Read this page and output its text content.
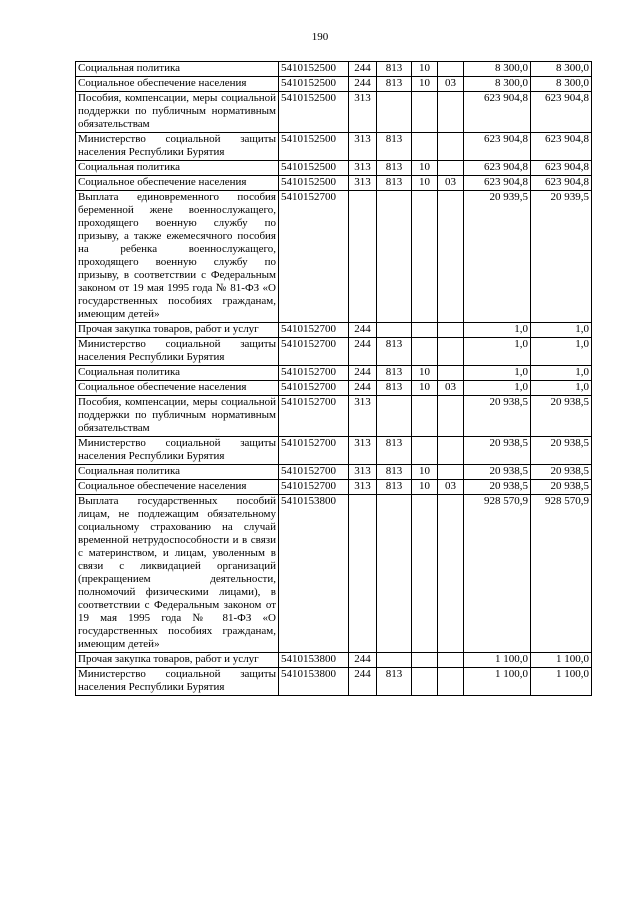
190
Социальная политика	5410152500	244	813	10		8 300,0	8 300,0
Социальное обеспечение населения	5410152500	244	813	10	03	8 300,0	8 300,0
Пособия, компенсации, меры социальной поддержки по публичным нормативным обязательствам	5410152500	313				623 904,8	623 904,8
Министерство социальной защиты населения Республики Бурятия	5410152500	313	813			623 904,8	623 904,8
Социальная политика	5410152500	313	813	10		623 904,8	623 904,8
Социальное обеспечение населения	5410152500	313	813	10	03	623 904,8	623 904,8
Выплата единовременного пособия беременной жене военнослужащего, проходящего военную службу по призыву, а также ежемесячного пособия на ребенка военнослужащего, проходящего военную службу по призыву, в соответствии с Федеральным законом от 19 мая 1995 года № 81-ФЗ «О государственных пособиях гражданам, имеющим детей»	5410152700					20 939,5	20 939,5
Прочая закупка товаров, работ и услуг	5410152700	244				1,0	1,0
Министерство социальной защиты населения Республики Бурятия	5410152700	244	813			1,0	1,0
Социальная политика	5410152700	244	813	10		1,0	1,0
Социальное обеспечение населения	5410152700	244	813	10	03	1,0	1,0
Пособия, компенсации, меры социальной поддержки по публичным нормативным обязательствам	5410152700	313				20 938,5	20 938,5
Министерство социальной защиты населения Республики Бурятия	5410152700	313	813			20 938,5	20 938,5
Социальная политика	5410152700	313	813	10		20 938,5	20 938,5
Социальное обеспечение населения	5410152700	313	813	10	03	20 938,5	20 938,5
Выплата государственных пособий лицам, не подлежащим обязательному социальному страхованию на случай временной нетрудоспособности и в связи с материнством, и лицам, уволенным в связи с ликвидацией организаций (прекращением деятельности, полномочий физическими лицами), в соответствии с Федеральным законом от 19 мая 1995 года № 81-ФЗ «О государственных пособиях гражданам, имеющим детей»	5410153800					928 570,9	928 570,9
Прочая закупка товаров, работ и услуг	5410153800	244				1 100,0	1 100,0
Министерство социальной защиты населения Республики Бурятия	5410153800	244	813			1 100,0	1 100,0
